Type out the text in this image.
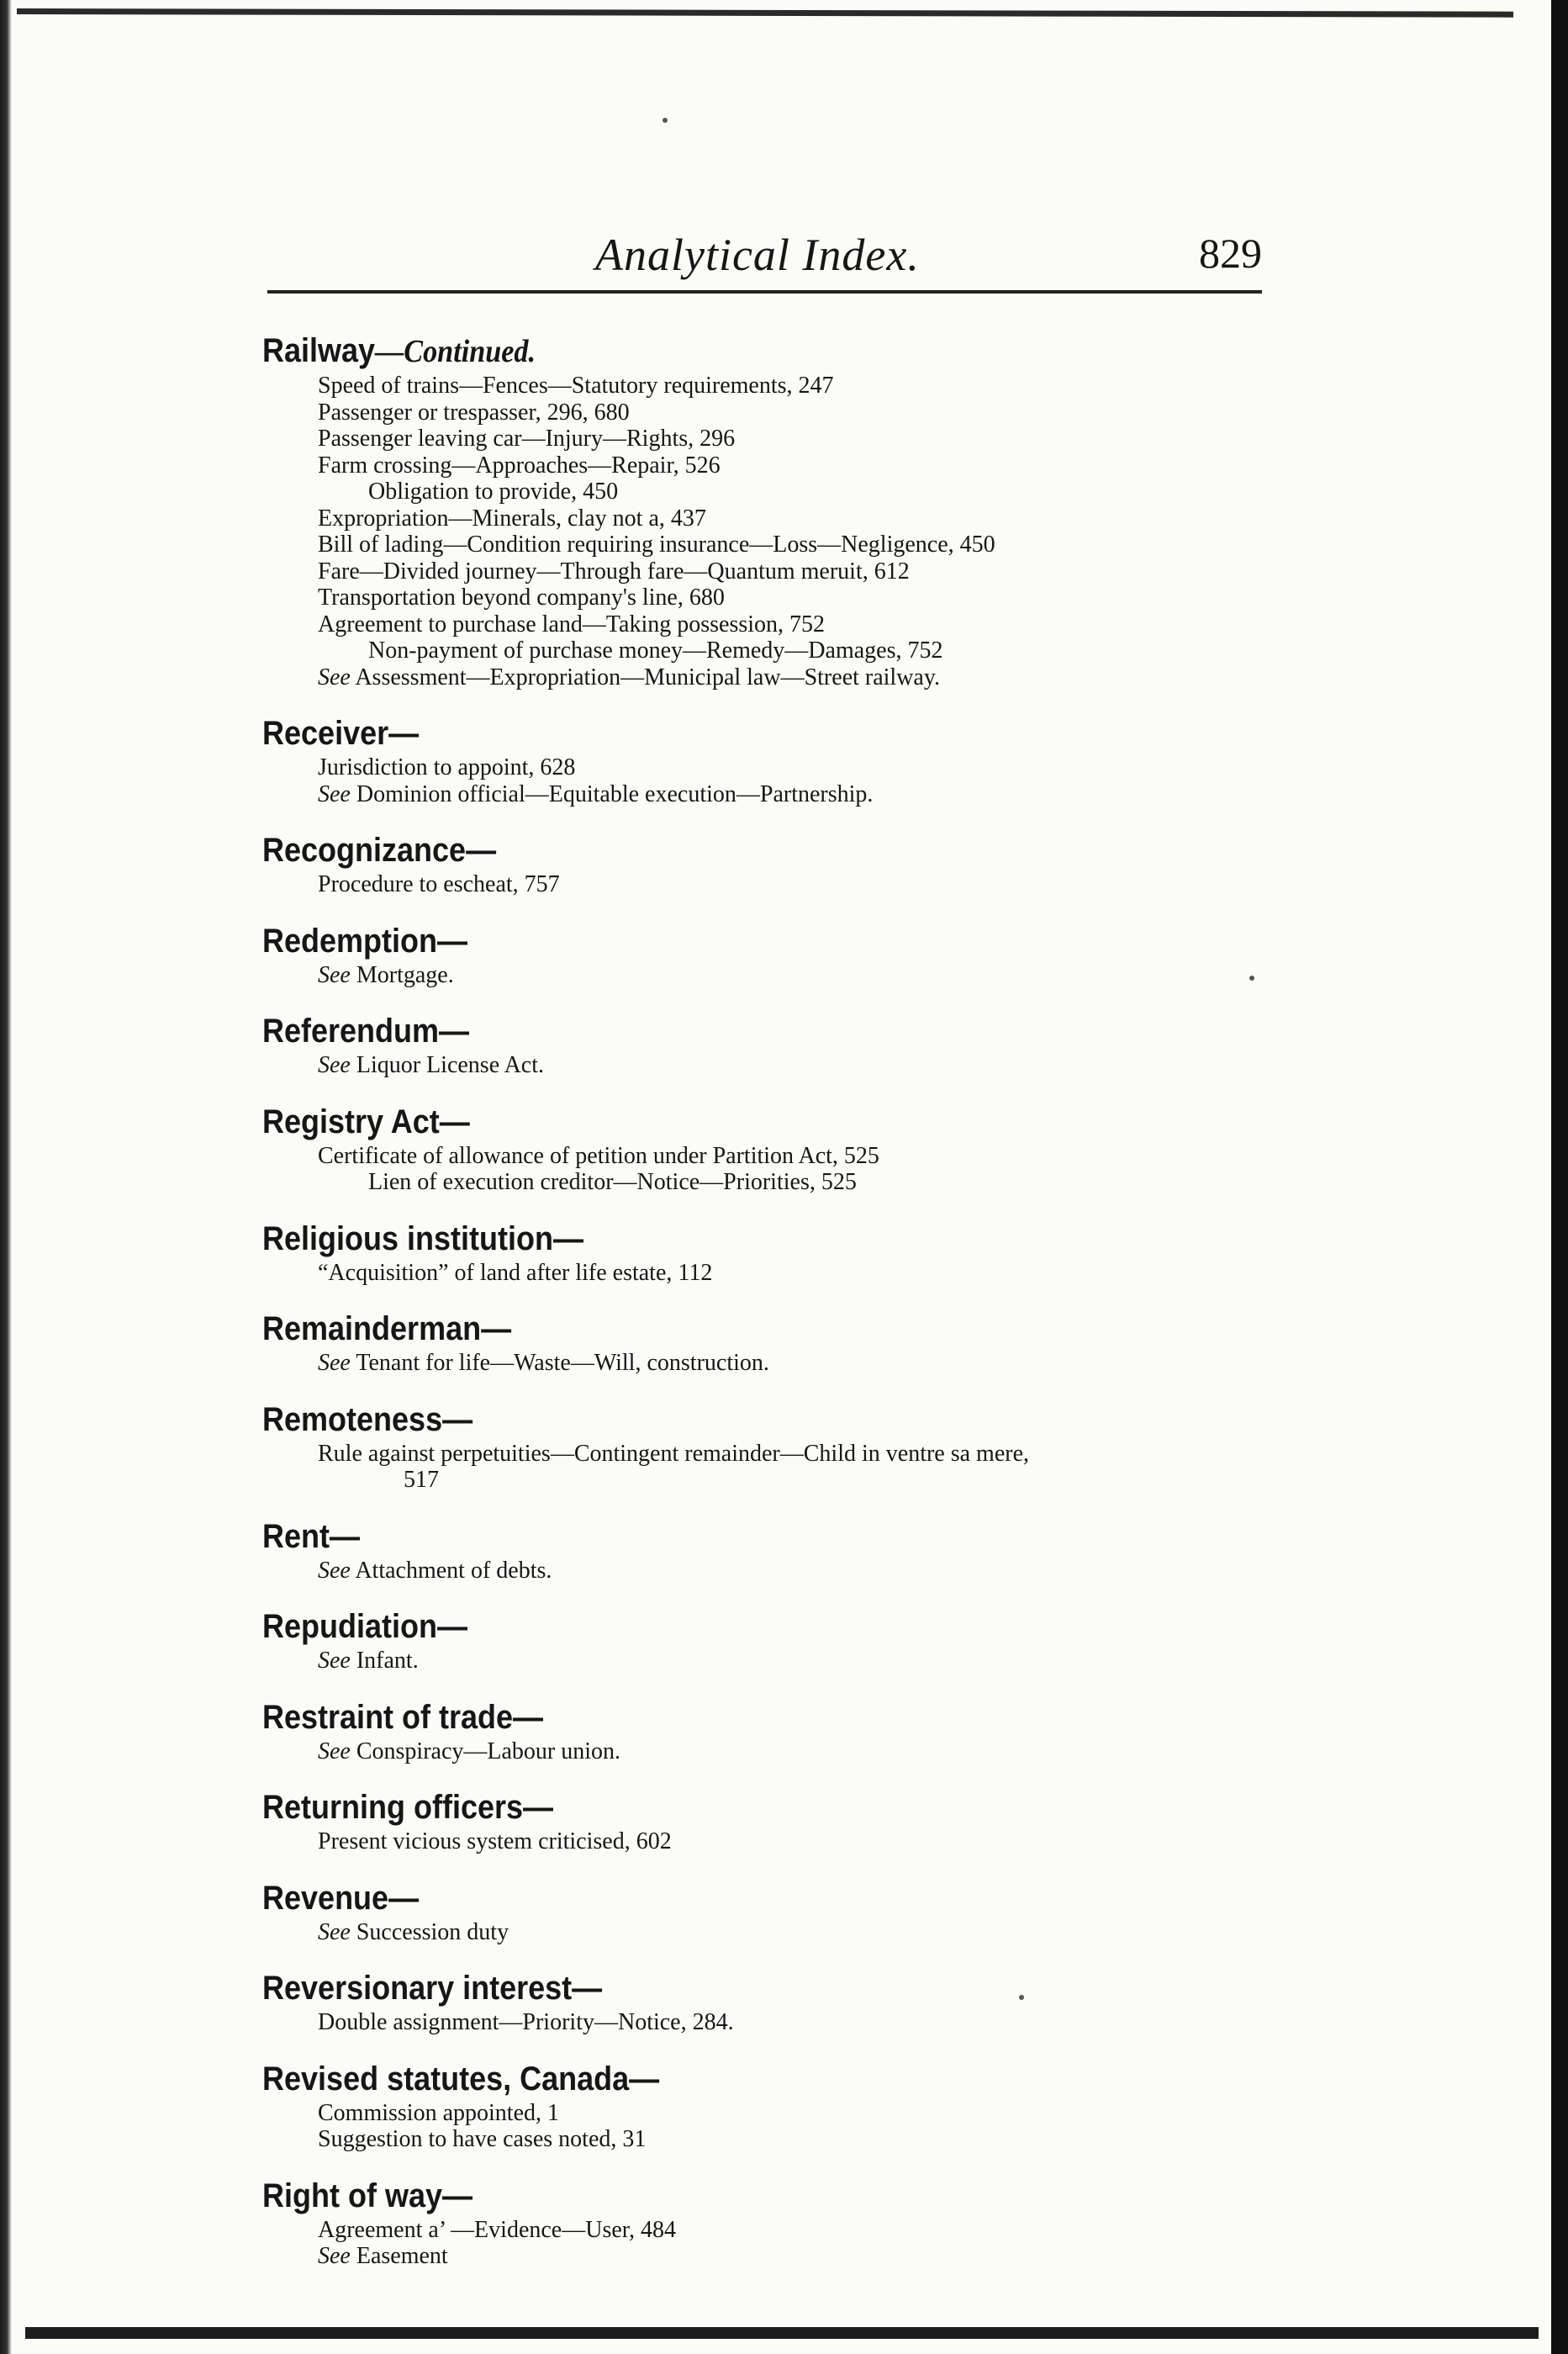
Analytical Index.	829
Railway—Continued.
Speed of trains—Fences—Statutory requirements, 247
Passenger or trespasser, 296, 680
Passenger leaving car—Injury—Rights, 296
Farm crossing—Approaches—Repair, 526
Obligation to provide, 450
Expropriation—Minerals, clay not a, 437
Bill of lading—Condition requiring insurance—Loss—Negligence, 450
Fare—Divided journey—Through fare—Quantum meruit, 612
Transportation beyond company's line, 680
Agreement to purchase land—Taking possession, 752
Non-payment of purchase money—Remedy—Damages, 752
See Assessment—Expropriation—Municipal law—Street railway.
Receiver—
Jurisdiction to appoint, 628
See Dominion official—Equitable execution—Partnership.
Recognizance—
Procedure to escheat, 757
Redemption—
See Mortgage.
Referendum—
See Liquor License Act.
Registry Act—
Certificate of allowance of petition under Partition Act, 525
Lien of execution creditor—Notice—Priorities, 525
Religious institution—
“Acquisition” of land after life estate, 112
Remainderman—
See Tenant for life—Waste—Will, construction.
Remoteness—
Rule against perpetuities—Contingent remainder—Child in ventre sa mere,
517
Rent—
See Attachment of debts.
Repudiation—
See Infant.
Restraint of trade—
See Conspiracy—Labour union.
Returning officers—
Present vicious system criticised, 602
Revenue—
See Succession duty
Reversionary interest—
Double assignment—Priority—Notice, 284.
Revised statutes, Canada—
Commission appointed, 1
Suggestion to have cases noted, 31
Right of way—
Agreement a’ —Evidence—User, 484
See Easement
